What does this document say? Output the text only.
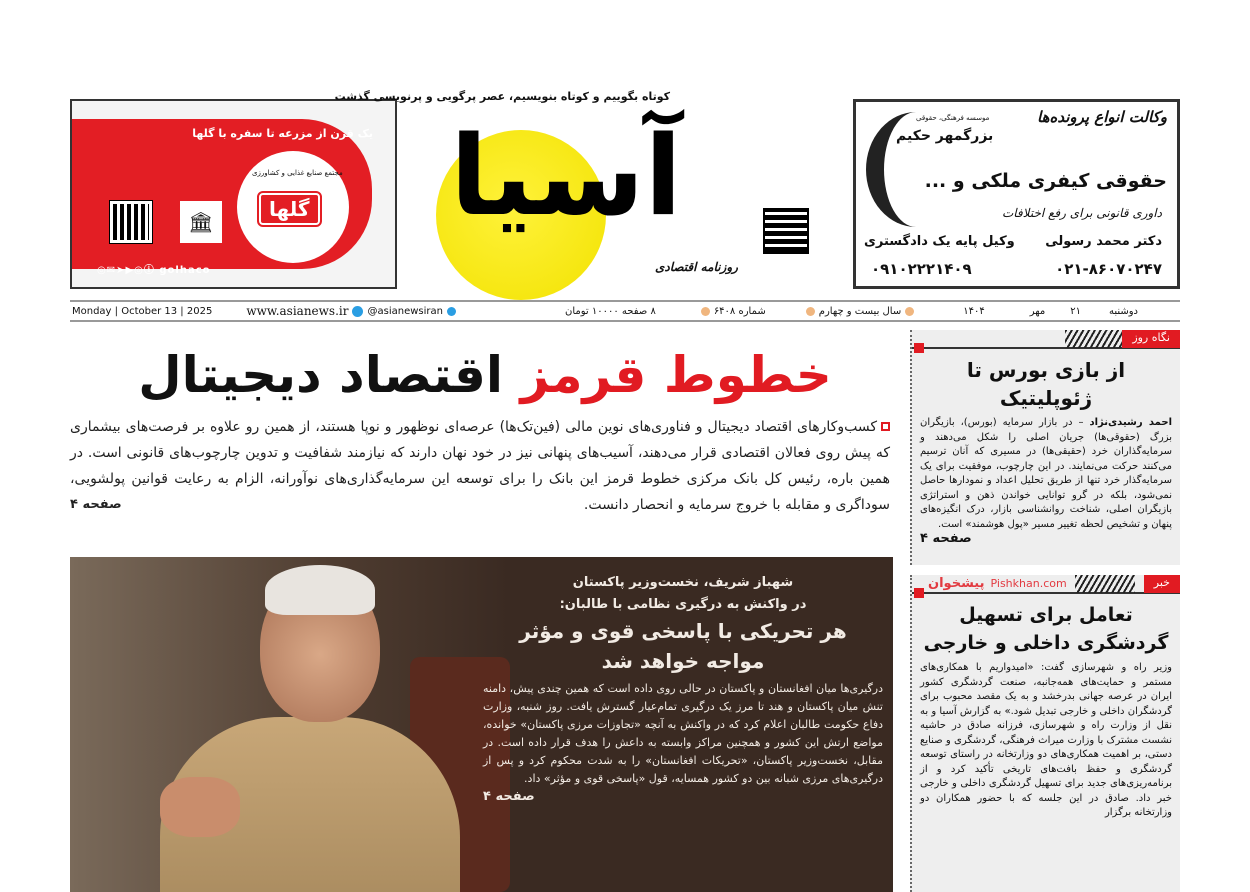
یک قرن از مزرعه تا سفره با گلها
مجتمع صنایع غذایی و کشاورزی
گلها
🏛
◎✉➤▶◎ⓘ golhaco
آسیا
کوتاه بگوییم و کوتاه بنویسیم، عصر پرگویی و پرنویسی گذشت
روزنامه اقتصادی
موسسه فرهنگی، حقوقی
بزرگمهر حکیم
وکالت انواع پرونده‌ها
حقوقی کیفری ملکی و ...
داوری قانونی برای رفع اختلافات
دکتر محمد رسولی
وکیل پایه یک دادگستری
۰۲۱-۸۶۰۷۰۲۴۷
۰۹۱۰۲۲۲۱۴۰۹
Monday | October 13 | 2025	www.asianews.ir @asianewsiran	۸ صفحه ۱۰۰۰۰ تومان	شماره ۶۴۰۸	سال بیست و چهارم	۱۴۰۴	مهر	۲۱	دوشنبه
خطوط قرمز اقتصاد دیجیتال
کسب‌وکارهای اقتصاد دیجیتال و فناوری‌های نوین مالی (فین‌تک‌ها) عرصه‌ای نوظهور و نوپا هستند، از همین رو علاوه بر فرصت‌های بیشماری که پیش روی فعالان اقتصادی قرار می‌دهند، آسیب‌های پنهانی نیز در خود نهان دارند که نیازمند شفافیت و تدوین چارچوب‌های قانونی است. در همین باره، رئیس کل بانک مرکزی خطوط قرمز این بانک را برای توسعه این سرمایه‌گذاری‌های نوآورانه، الزام به رعایت قوانین پولشویی، سوداگری و مقابله با خروج سرمایه و انحصار دانست.
صفحه ۴
شهباز شریف، نخست‌وزیر پاکستان
در واکنش به درگیری نظامی با طالبان:
هر تحریکی با پاسخی قوی و مؤثر
مواجه خواهد شد
درگیری‌ها میان افغانستان و پاکستان در حالی روی داده است که همین چندی پیش، دامنه تنش میان پاکستان و هند تا مرز یک درگیری تمام‌عیار گسترش یافت. روز شنبه، وزارت دفاع حکومت طالبان اعلام کرد که در واکنش به آنچه «تجاوزات مرزی پاکستان» خوانده، مواضع ارتش این کشور و همچنین مراکز وابسته به داعش را هدف قرار داده است. در مقابل، نخست‌وزیر پاکستان، «تحریکات افغانستان» را به شدت محکوم کرد و پس از درگیری‌های مرزی شبانه بین دو کشور همسایه، قول «پاسخی قوی و مؤثر» داد.
صفحه ۴
نگاه روز
از بازی بورس تا ژئوپلیتیک
احمد رشیدی‌نژاد – در بازار سرمایه (بورس)، بازیگران بزرگ (حقوقی‌ها) جریان اصلی را شکل می‌دهند و سرمایه‌گذاران خرد (حقیقی‌ها) در مسیری که آنان ترسیم می‌کنند حرکت می‌نمایند. در این چارچوب، موفقیت برای یک سرمایه‌گذار خرد تنها از طریق تحلیل اعداد و نمودارها حاصل نمی‌شود، بلکه در گرو توانایی خواندن ذهن و استراتژی بازیگران اصلی، شناخت روانشناسی بازار، درک انگیزه‌های پنهان و تشخیص لحظه تغییر مسیر «پول هوشمند» است.
صفحه ۴
خبر
پیشخوان Pishkhan.com
تعامل برای تسهیل گردشگری داخلی و خارجی
وزیر راه و شهرسازی گفت: «امیدواریم با همکاری‌های مستمر و حمایت‌های همه‌جانبه، صنعت گردشگری کشور ایران در عرصه جهانی بدرخشد و به یک مقصد محبوب برای گردشگران داخلی و خارجی تبدیل شود.» به گزارش آسیا و به نقل از وزارت راه و شهرسازی، فرزانه صادق در حاشیه نشست مشترک با وزارت میراث فرهنگی، گردشگری و صنایع دستی، بر اهمیت همکاری‌های دو وزارتخانه در راستای توسعه گردشگری و حفظ بافت‌های تاریخی تأکید کرد و از برنامه‌ریزی‌های جدید برای تسهیل گردشگری داخلی و خارجی خبر داد. صادق در این جلسه که با حضور همکاران دو وزارتخانه برگزار
